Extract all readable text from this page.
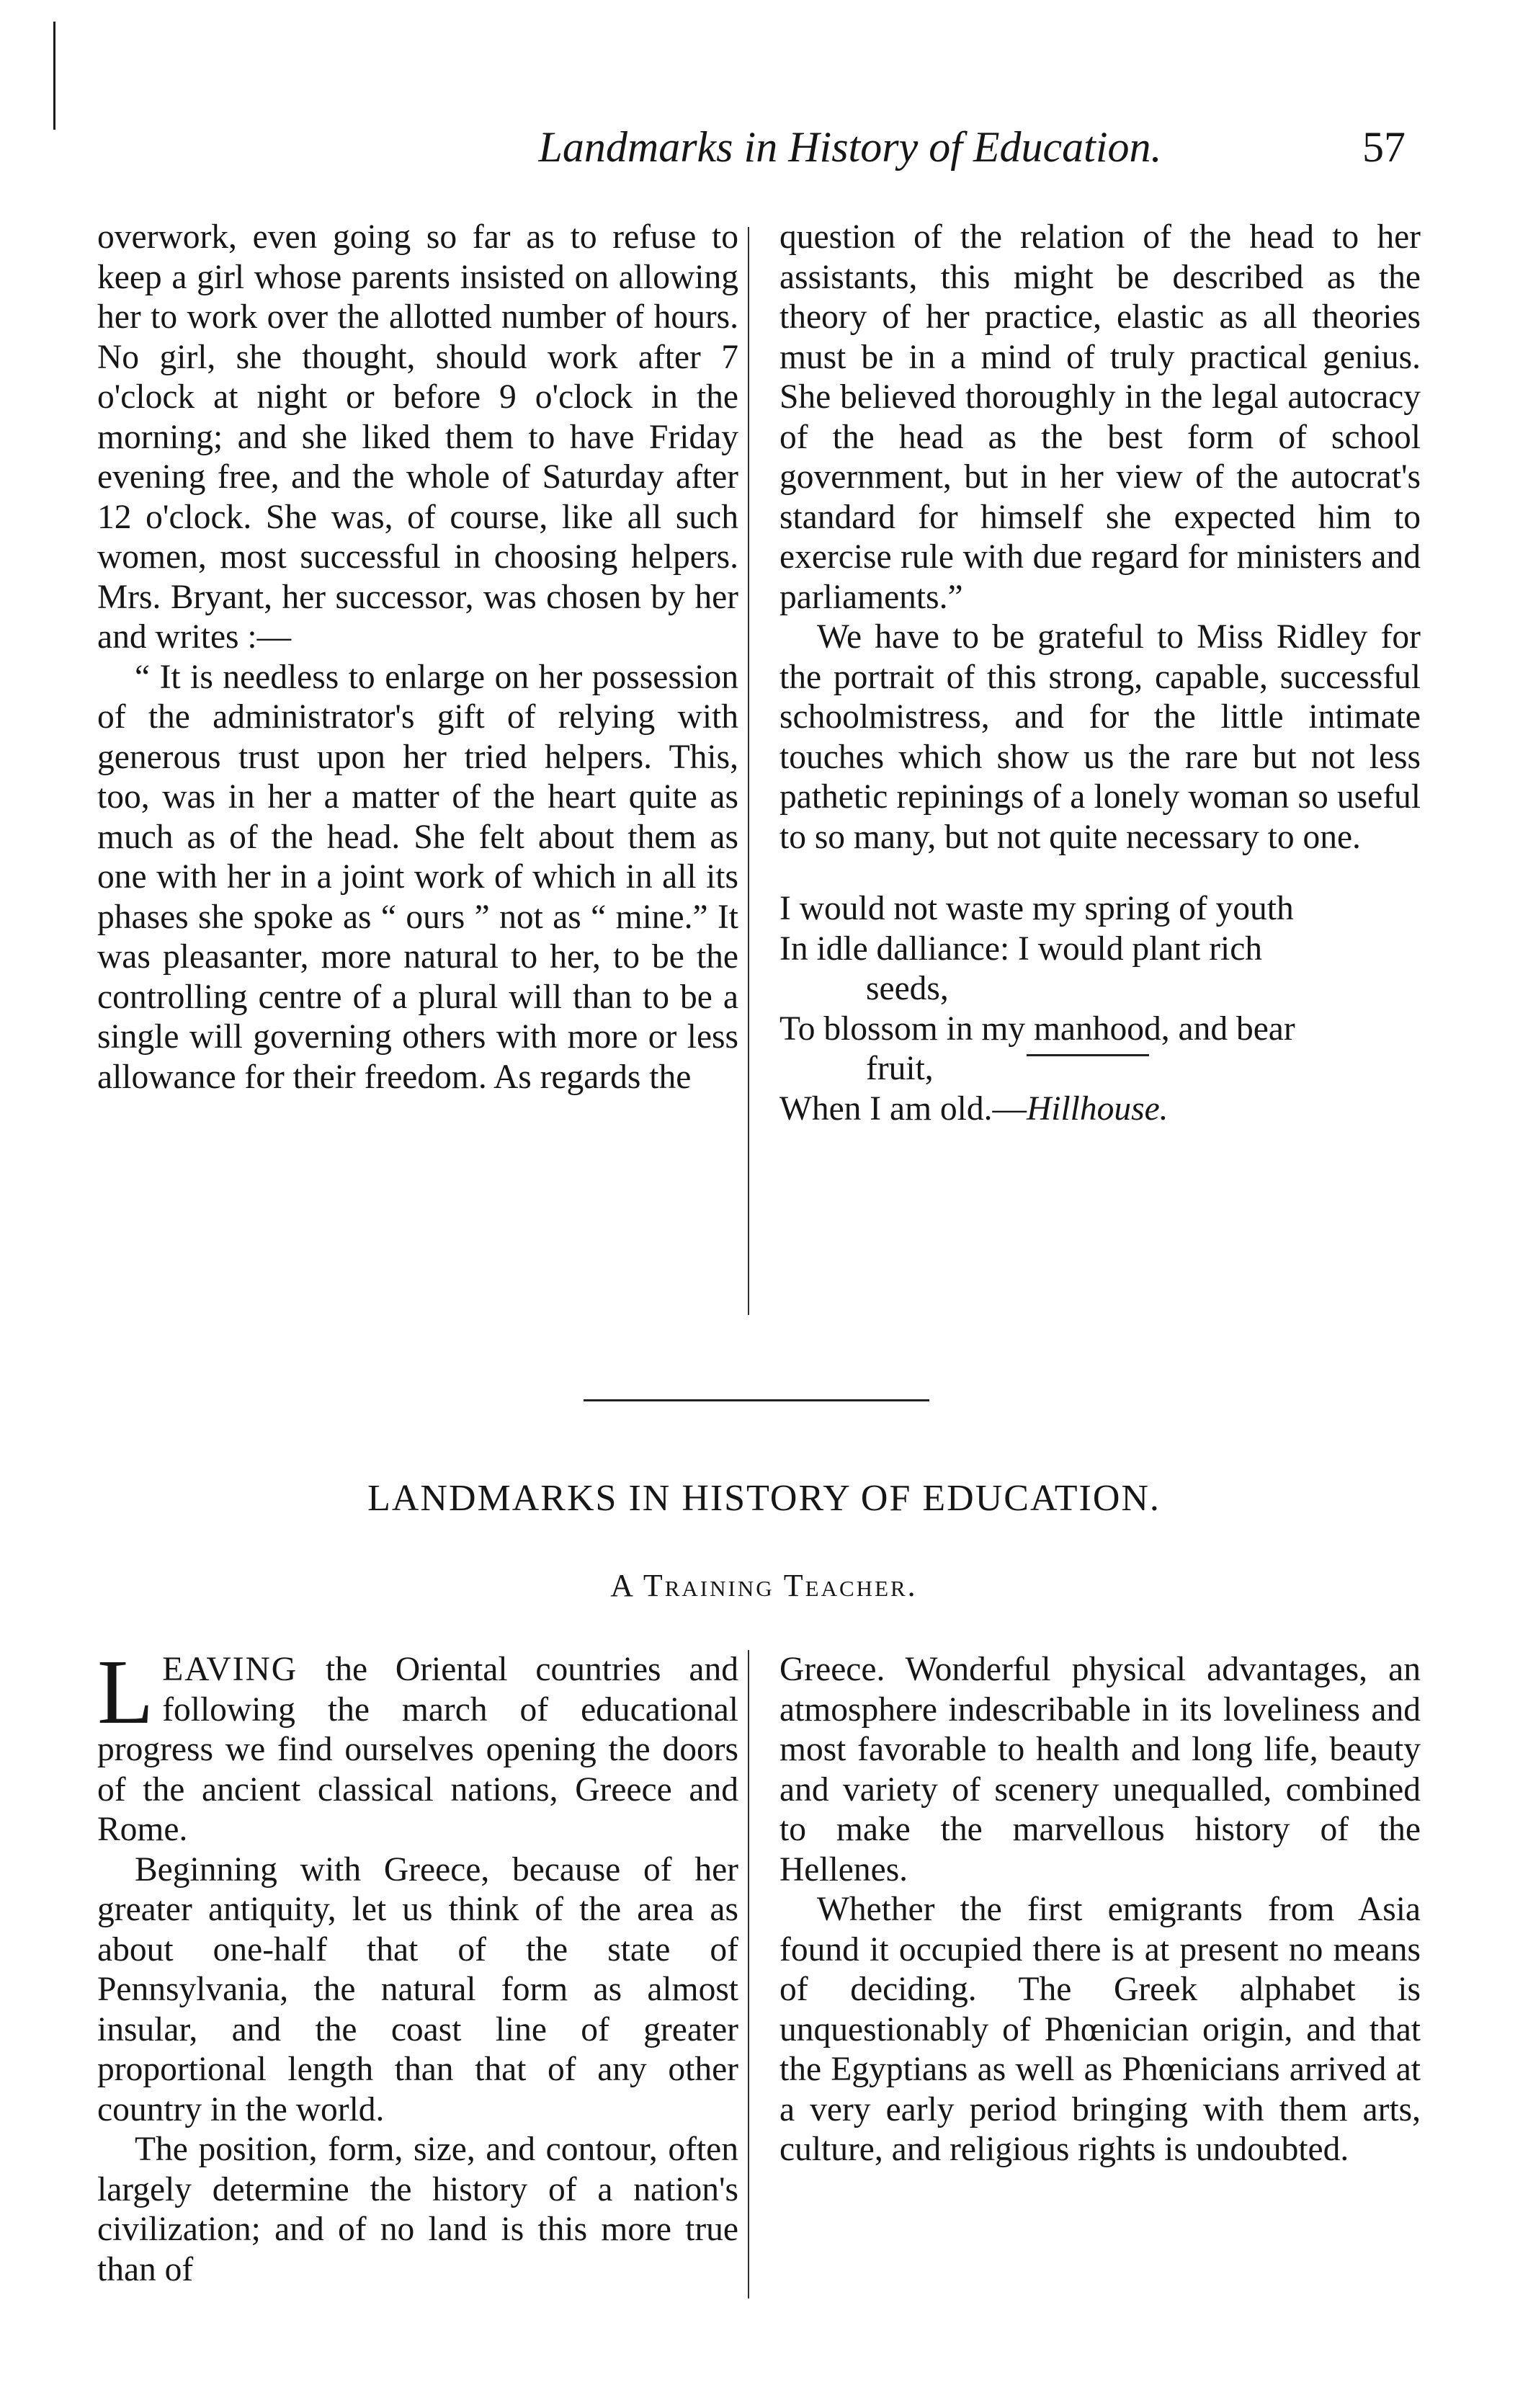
Landmarks in History of Education.	57

overwork, even going so far as to refuse to keep a girl whose parents insisted on allowing her to work over the allotted number of hours. No girl, she thought, should work after 7 o'clock at night or before 9 o'clock in the morning; and she liked them to have Friday evening free, and the whole of Saturday after 12 o'clock. She was, of course, like all such women, most successful in choosing helpers. Mrs. Bryant, her successor, was chosen by her and writes :—

“ It is needless to enlarge on her possession of the administrator's gift of relying with generous trust upon her tried helpers. This, too, was in her a matter of the heart quite as much as of the head. She felt about them as one with her in a joint work of which in all its phases she spoke as “ ours ” not as “ mine.” It was pleasanter, more natural to her, to be the controlling centre of a plural will than to be a single will governing others with more or less allowance for their freedom. As regards the

question of the relation of the head to her assistants, this might be described as the theory of her practice, elastic as all theories must be in a mind of truly practical genius. She believed thoroughly in the legal autocracy of the head as the best form of school government, but in her view of the autocrat's standard for himself she expected him to exercise rule with due regard for ministers and parliaments.”

We have to be grateful to Miss Ridley for the portrait of this strong, capable, successful schoolmistress, and for the little intimate touches which show us the rare but not less pathetic repinings of a lonely woman so useful to so many, but not quite necessary to one.

I would not waste my spring of youth
In idle dalliance: I would plant rich
seeds,
To blossom in my manhood, and bear
fruit,
When I am old.—Hillhouse.
LANDMARKS IN HISTORY OF EDUCATION.
A Training Teacher.

LEAVING the Oriental countries and following the march of educational progress we find ourselves opening the doors of the ancient classical nations, Greece and Rome.

Beginning with Greece, because of her greater antiquity, let us think of the area as about one-half that of the state of Pennsylvania, the natural form as almost insular, and the coast line of greater proportional length than that of any other country in the world.

The position, form, size, and contour, often largely determine the history of a nation's civilization; and of no land is this more true than of

Greece. Wonderful physical advantages, an atmosphere indescribable in its loveliness and most favorable to health and long life, beauty and variety of scenery unequalled, combined to make the marvellous history of the Hellenes.

Whether the first emigrants from Asia found it occupied there is at present no means of deciding. The Greek alphabet is unquestionably of Phœnician origin, and that the Egyptians as well as Phœnicians arrived at a very early period bringing with them arts, culture, and religious rights is undoubted.
